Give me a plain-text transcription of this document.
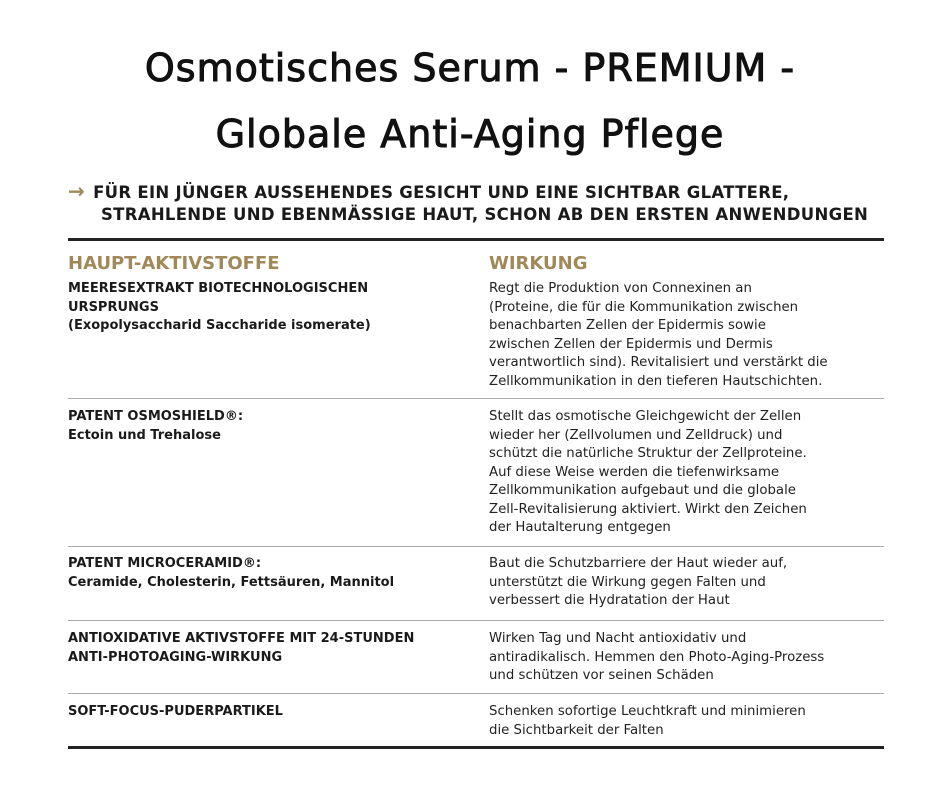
Osmotisches Serum - PREMIUM -
Globale Anti-Aging Pflege
→ FÜR EIN JÜNGER AUSSEHENDES GESICHT UND EINE SICHTBAR GLATTERE,
STRAHLENDE UND EBENMÄSSIGE HAUT, SCHON AB DEN ERSTEN ANWENDUNGEN
HAUPT-AKTIVSTOFFE	WIRKUNG
MEERESEXTRAKT BIOTECHNOLOGISCHEN
URSPRUNGS
(Exopolysaccharid Saccharide isomerate)
Regt die Produktion von Connexinen an
(Proteine, die für die Kommunikation zwischen
benachbarten Zellen der Epidermis sowie
zwischen Zellen der Epidermis und Dermis
verantwortlich sind). Revitalisiert und verstärkt die
Zellkommunikation in den tieferen Hautschichten.
PATENT OSMOSHIELD®:
Ectoin und Trehalose
Stellt das osmotische Gleichgewicht der Zellen
wieder her (Zellvolumen und Zelldruck) und
schützt die natürliche Struktur der Zellproteine.
Auf diese Weise werden die tiefenwirksame
Zellkommunikation aufgebaut und die globale
Zell-Revitalisierung aktiviert. Wirkt den Zeichen
der Hautalterung entgegen
PATENT MICROCERAMID®:
Ceramide, Cholesterin, Fettsäuren, Mannitol
Baut die Schutzbarriere der Haut wieder auf,
unterstützt die Wirkung gegen Falten und
verbessert die Hydratation der Haut
ANTIOXIDATIVE AKTIVSTOFFE MIT 24-STUNDEN
ANTI-PHOTOAGING-WIRKUNG
Wirken Tag und Nacht antioxidativ und
antiradikalisch. Hemmen den Photo-Aging-Prozess
und schützen vor seinen Schäden
SOFT-FOCUS-PUDERPARTIKEL	Schenken sofortige Leuchtkraft und minimieren
die Sichtbarkeit der Falten
